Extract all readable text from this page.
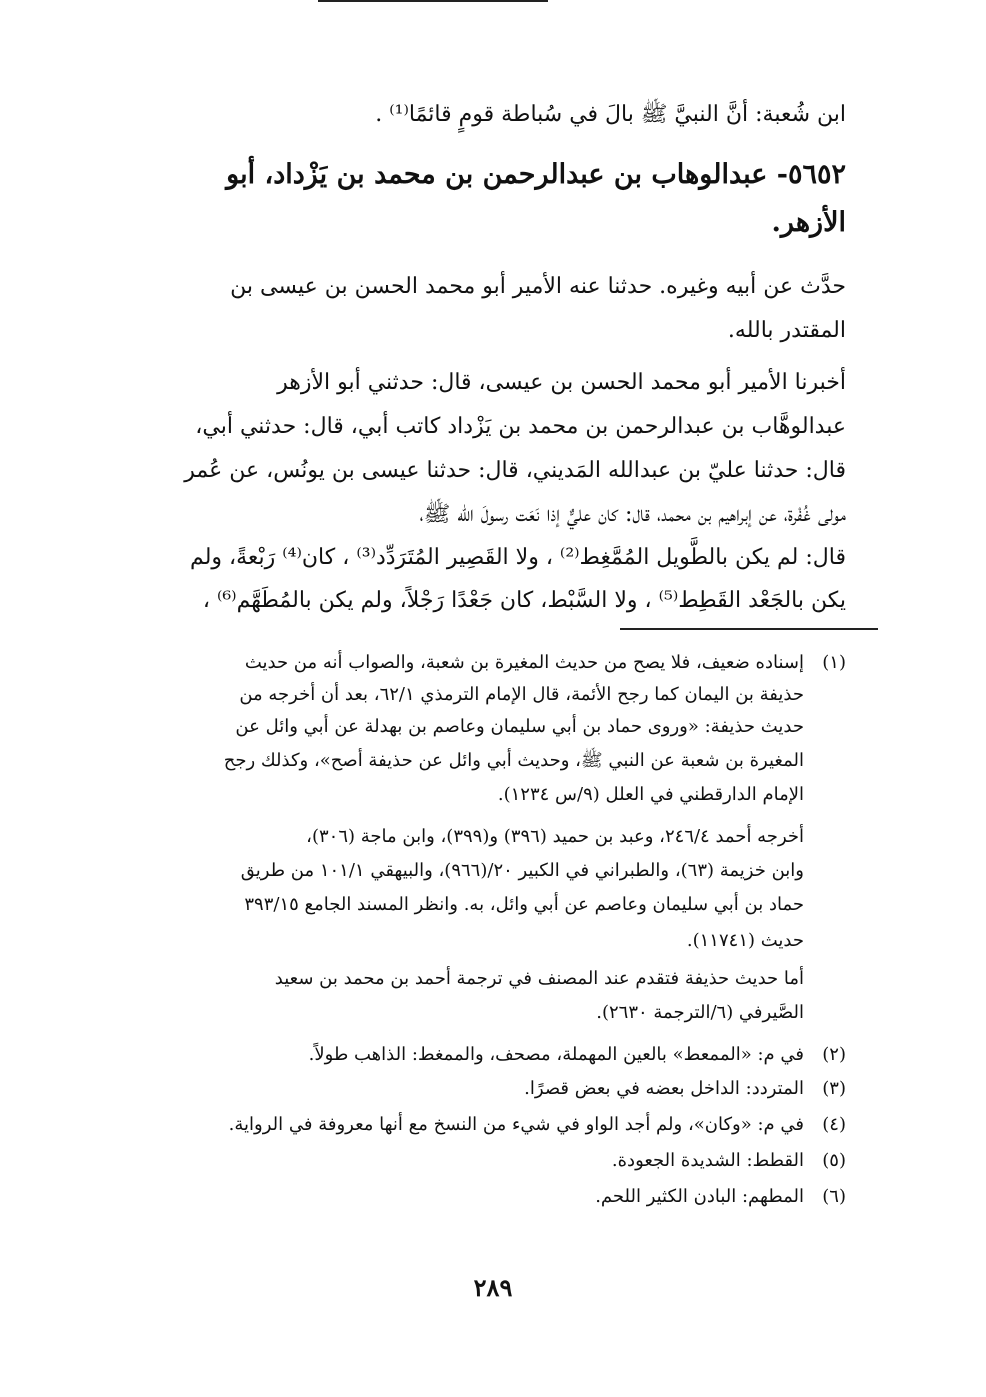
ابن شُعبة: أنَّ النبيَّ ﷺ بالَ في سُباطة قومٍ قائمًا⁽¹⁾ .
٥٦٥٢- عبدالوهاب بن عبدالرحمن بن محمد بن يَزْداد، أبو
الأزهر.
حدَّث عن أبيه وغيره. حدثنا عنه الأمير أبو محمد الحسن بن عيسى بن
المقتدر بالله.
أخبرنا الأمير أبو محمد الحسن بن عيسى، قال: حدثني أبو الأزهر
عبدالوهَّاب بن عبدالرحمن بن محمد بن يَزْداد كاتب أبي، قال: حدثني أبي،
قال: حدثنا عليّ بن عبدالله المَديني، قال: حدثنا عيسى بن يونُس، عن عُمر
مولى غُفْرة، عن إبراهيم بن محمد، قال: كان عليٌّ إذا نَعَت رسولَ الله ﷺ،
قال: لم يكن بالطَّويل المُمَّغِط⁽²⁾ ، ولا القَصِير المُتَرَدِّد⁽³⁾ ، كان⁽⁴⁾ رَبْعةً، ولم
يكن بالجَعْد القَطِط⁽⁵⁾ ، ولا السَّبْط، كان جَعْدًا رَجْلاً، ولم يكن بالمُطَهَّم⁽⁶⁾ ،
(١)
إسناده ضعيف، فلا يصح من حديث المغيرة بن شعبة، والصواب أنه من حديث
حذيفة بن اليمان كما رجح الأئمة، قال الإمام الترمذي ٦٢/١، بعد أن أخرجه من
حديث حذيفة: «وروى حماد بن أبي سليمان وعاصم بن بهدلة عن أبي وائل عن
المغيرة بن شعبة عن النبي ﷺ، وحديث أبي وائل عن حذيفة أصح»، وكذلك رجح
الإمام الدارقطني في العلل (٩/س ١٢٣٤).
أخرجه أحمد ٢٤٦/٤، وعبد بن حميد (٣٩٦) و(٣٩٩)، وابن ماجة (٣٠٦)،
وابن خزيمة (٦٣)، والطبراني في الكبير ٢٠/(٩٦٦)، والبيهقي ١٠١/١ من طريق
حماد بن أبي سليمان وعاصم عن أبي وائل، به. وانظر المسند الجامع ٣٩٣/١٥
حديث (١١٧٤١).
أما حديث حذيفة فتقدم عند المصنف في ترجمة أحمد بن محمد بن سعيد
الصَّيرفي (٦/الترجمة ٢٦٣٠).
(٢)
في م: «الممعط» بالعين المهملة، مصحف، والممغط: الذاهب طولاً.
(٣)
المتردد: الداخل بعضه في بعض قصرًا.
(٤)
في م: «وكان»، ولم أجد الواو في شيء من النسخ مع أنها معروفة في الرواية.
(٥)
القطط: الشديدة الجعودة.
(٦)
المطهم: البادن الكثير اللحم.
٢٨٩
